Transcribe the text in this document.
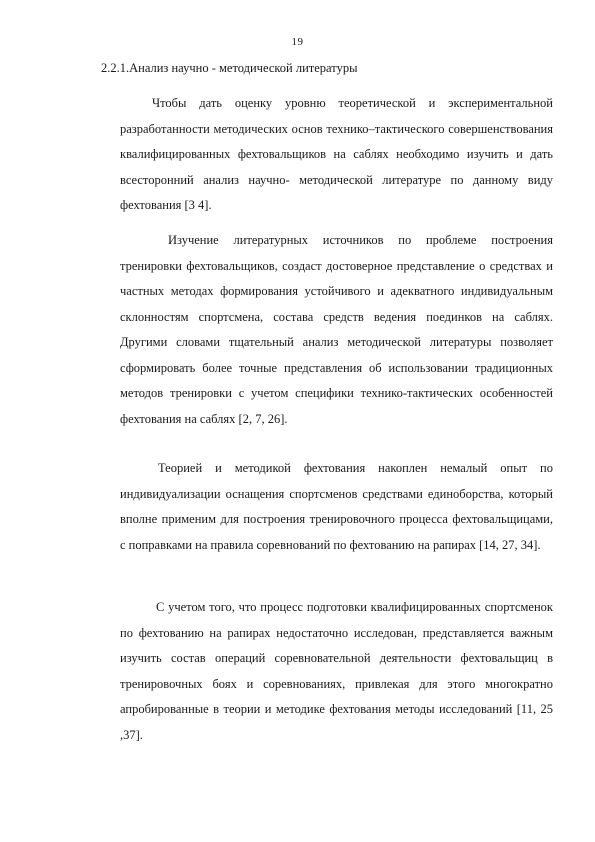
19
2.2.1.Анализ научно - методической литературы

Чтобы дать оценку уровню теоретической и экспериментальной разработанности методических основ технико–тактического совершенствования квалифицированных фехтовальщиков на саблях необходимо изучить и дать всесторонний анализ научно- методической литературе по данному виду фехтования [3 4].

Изучение литературных источников по проблеме построения тренировки фехтовальщиков, создаст достоверное представление о средствах и частных методах формирования устойчивого и адекватного индивидуальным склонностям спортсмена, состава средств ведения поединков на саблях. Другими словами тщательный анализ методической литературы позволяет сформировать более точные представления об использовании традиционных методов тренировки с учетом специфики технико-тактических особенностей фехтования на саблях [2, 7, 26].

Теорией и методикой фехтования накоплен немалый опыт по индивидуализации оснащения спортсменов средствами единоборства, который вполне применим для построения тренировочного процесса фехтовальщицами, с поправками на правила соревнований по фехтованию на рапирах [14, 27, 34].

С учетом того, что процесс подготовки квалифицированных спортсменок по фехтованию на рапирах недостаточно исследован, представляется важным изучить состав операций соревновательной деятельности фехтовальщиц в тренировочных боях и соревнованиях, привлекая для этого многократно апробированные в теории и методике фехтования методы исследований [11, 25 ,37].
